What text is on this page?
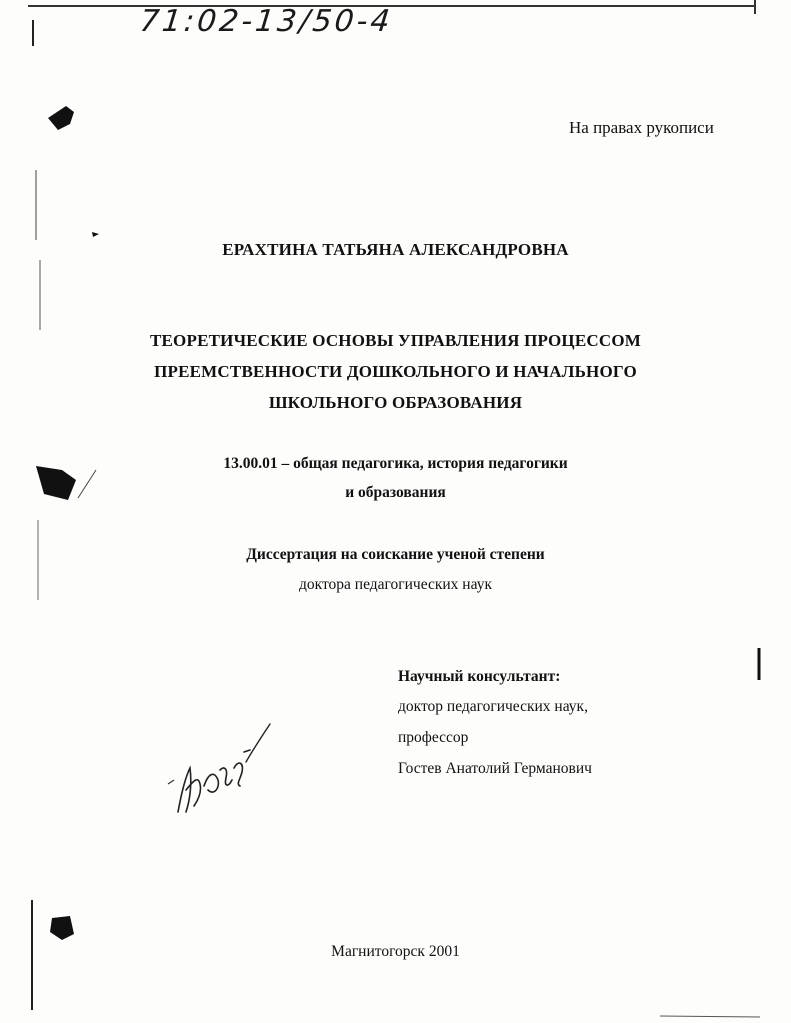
71:02-13/50-4
На правах рукописи
ЕРАХТИНА ТАТЬЯНА АЛЕКСАНДРОВНА
ТЕОРЕТИЧЕСКИЕ ОСНОВЫ УПРАВЛЕНИЯ ПРОЦЕССОМ
ПРЕЕМСТВЕННОСТИ ДОШКОЛЬНОГО И НАЧАЛЬНОГО
ШКОЛЬНОГО ОБРАЗОВАНИЯ
13.00.01 – общая педагогика, история педагогики
и образования
Диссертация на соискание ученой степени
доктора педагогических наук
Научный консультант:
доктор педагогических наук,
профессор
Гостев Анатолий Германович
Магнитогорск 2001
